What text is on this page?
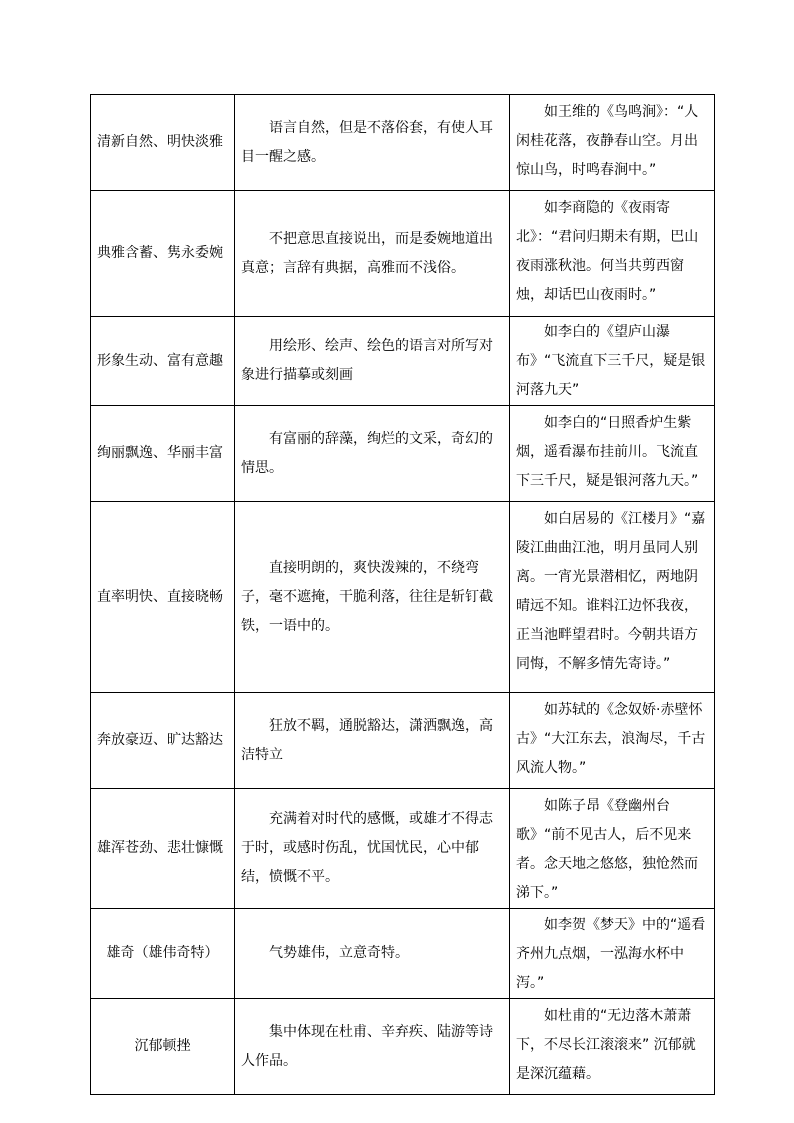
清新自然、明快淡雅	语言自然，但是不落俗套，有使人耳目一醒之感。	如王维的《鸟鸣涧》：“人闲桂花落，夜静春山空。月出惊山鸟，时鸣春涧中。”

典雅含蓄、隽永委婉	不把意思直接说出，而是委婉地道出真意；言辞有典据，高雅而不浅俗。	如李商隐的《夜雨寄北》：“君问归期未有期，巴山夜雨涨秋池。何当共剪西窗烛，却话巴山夜雨时。”

形象生动、富有意趣	用绘形、绘声、绘色的语言对所写对象进行描摹或刻画	如李白的《望庐山瀑布》“飞流直下三千尺，疑是银河落九天”

绚丽飘逸、华丽丰富	有富丽的辞藻，绚烂的文采，奇幻的情思。	如李白的“日照香炉生紫烟，遥看瀑布挂前川。飞流直下三千尺，疑是银河落九天。”

直率明快、直接晓畅	直接明朗的，爽快泼辣的，不绕弯子，毫不遮掩，干脆利落，往往是斩钉截铁，一语中的。	如白居易的《江楼月》“嘉陵江曲曲江池，明月虽同人别离。一宵光景潜相忆，两地阴晴远不知。谁料江边怀我夜，正当池畔望君时。今朝共语方同悔，不解多情先寄诗。”

奔放豪迈、旷达豁达	狂放不羁，通脱豁达，潇洒飘逸，高洁特立	如苏轼的《念奴娇·赤壁怀古》“大江东去，浪淘尽，千古风流人物。”

雄浑苍劲、悲壮慷慨	充满着对时代的感慨，或雄才不得志于时，或感时伤乱，忧国忧民，心中郁结，愤慨不平。	如陈子昂《登幽州台歌》“前不见古人，后不见来者。念天地之悠悠，独怆然而涕下。”

雄奇（雄伟奇特）	气势雄伟，立意奇特。	如李贺《梦天》中的“遥看齐州九点烟，一泓海水杯中泻。”

沉郁顿挫	集中体现在杜甫、辛弃疾、陆游等诗人作品。	如杜甫的“无边落木萧萧下，不尽长江滚滚来” 沉郁就是深沉蕴藉。
